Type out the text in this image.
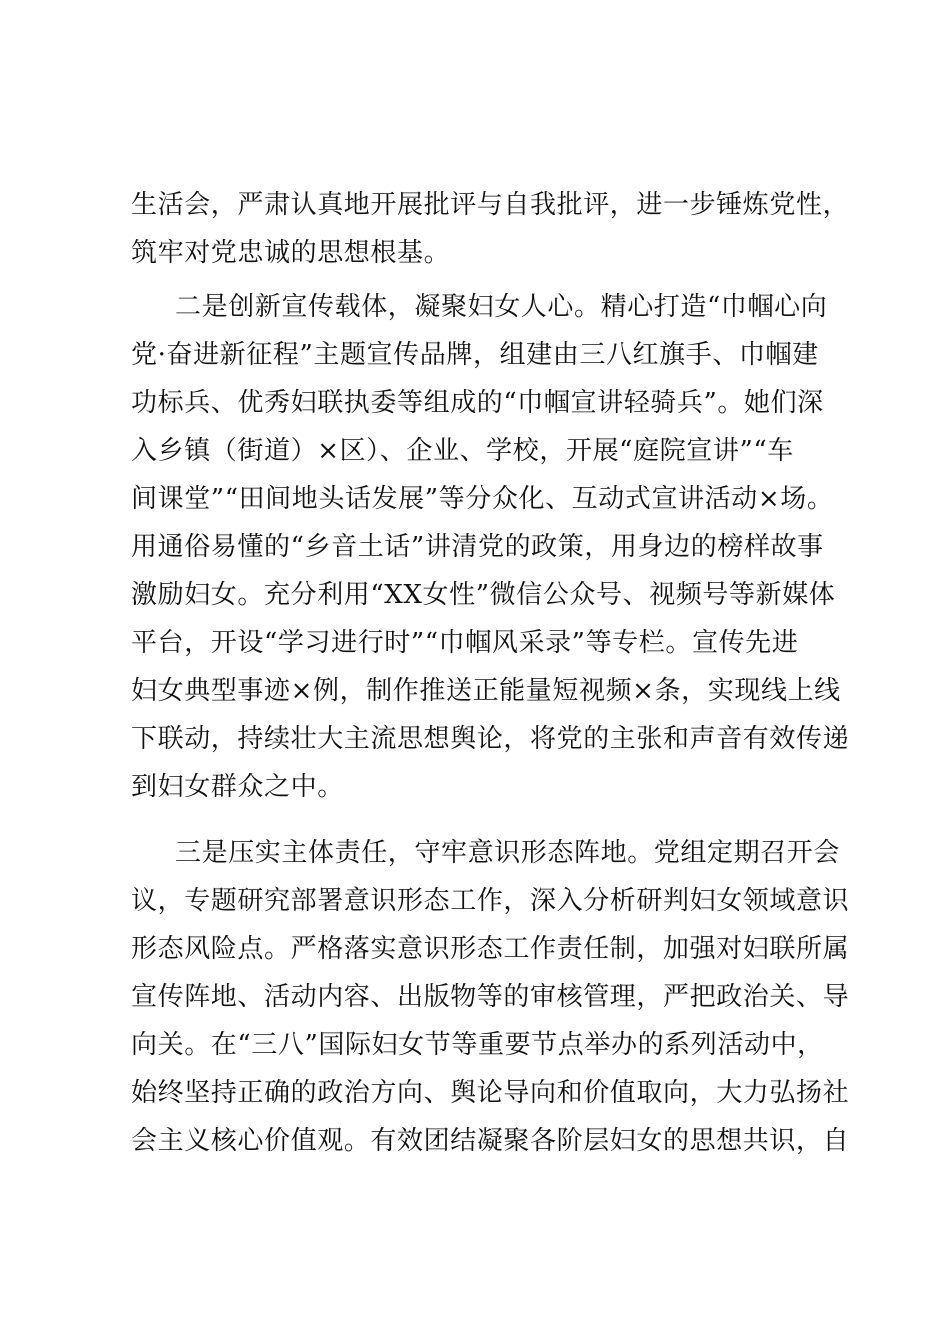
生活会，严肃认真地开展批评与自我批评，进一步锤炼党性，
筑牢对党忠诚的思想根基。
二是创新宣传载体，凝聚妇女人心。精心打造“巾帼心向
党·奋进新征程”主题宣传品牌，组建由三八红旗手、巾帼建
功标兵、优秀妇联执委等组成的“巾帼宣讲轻骑兵”。她们深
入乡镇（街道）×区）、企业、学校，开展“庭院宣讲”“车
间课堂”“田间地头话发展”等分众化、互动式宣讲活动×场。
用通俗易懂的“乡音土话”讲清党的政策，用身边的榜样故事
激励妇女。充分利用“XX女性”微信公众号、视频号等新媒体
平台，开设“学习进行时”“巾帼风采录”等专栏。宣传先进
妇女典型事迹×例，制作推送正能量短视频×条，实现线上线
下联动，持续壮大主流思想舆论，将党的主张和声音有效传递
到妇女群众之中。
三是压实主体责任，守牢意识形态阵地。党组定期召开会
议，专题研究部署意识形态工作，深入分析研判妇女领域意识
形态风险点。严格落实意识形态工作责任制，加强对妇联所属
宣传阵地、活动内容、出版物等的审核管理，严把政治关、导
向关。在“三八”国际妇女节等重要节点举办的系列活动中，
始终坚持正确的政治方向、舆论导向和价值取向，大力弘扬社
会主义核心价值观。有效团结凝聚各阶层妇女的思想共识，自
